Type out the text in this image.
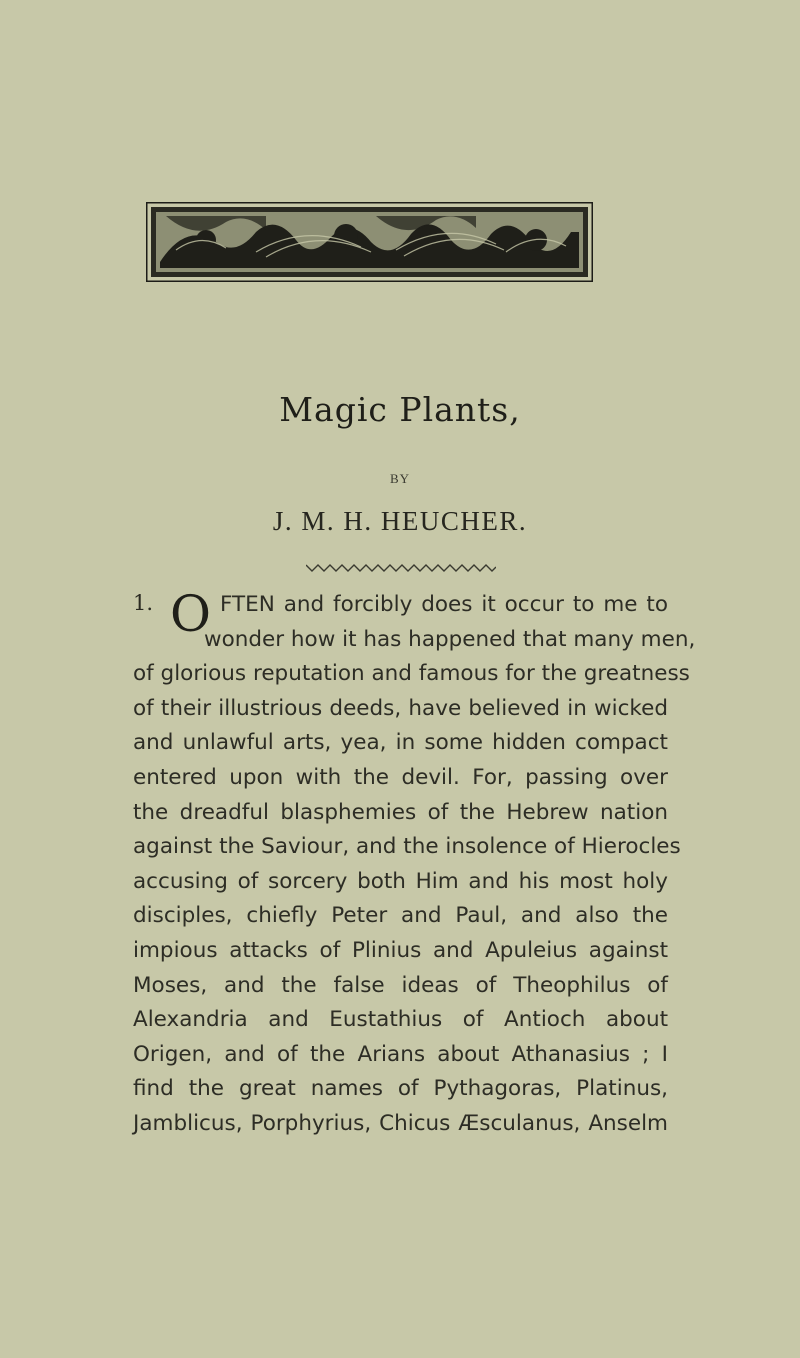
Magic Plants,
BY
J. M. H. HEUCHER.
1. O FTEN and forcibly does it occur to me to
wonder how it has happened that many men,
of glorious reputation and famous for the greatness
of their illustrious deeds, have believed in wicked
and unlawful arts, yea, in some hidden compact
entered upon with the devil. For, passing over
the dreadful blasphemies of the Hebrew nation
against the Saviour, and the insolence of Hierocles
accusing of sorcery both Him and his most holy
disciples, chiefly Peter and Paul, and also the
impious attacks of Plinius and Apuleius against
Moses, and the false ideas of Theophilus of
Alexandria and Eustathius of Antioch about
Origen, and of the Arians about Athanasius ; I
find the great names of Pythagoras, Platinus,
Jamblicus, Porphyrius, Chicus Æsculanus, Anselm
